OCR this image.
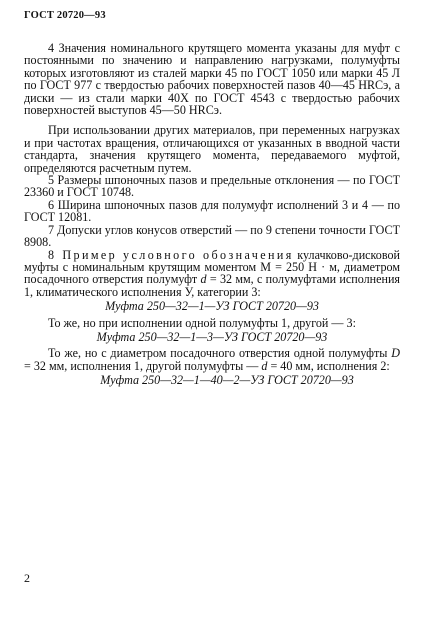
ГОСТ 20720—93

4 Значения номинального крутящего момента указаны для муфт с постоянными по значению и направлению нагрузками, полумуфты которых изготовляют из сталей марки 45 по ГОСТ 1050 или марки 45 Л по ГОСТ 977 с твердостью рабочих поверхностей пазов 40—45 HRCэ, а диски — из стали марки 40Х по ГОСТ 4543 с твердостью рабочих поверхностей выступов 45—50 HRCэ.

При использовании других материалов, при переменных нагрузках и при частотах вращения, отличающихся от указанных в вводной части стандарта, значения крутящего момента, передаваемого муфтой, определяются расчетным путем.

5 Размеры шпоночных пазов и предельные отклонения — по ГОСТ 23360 и ГОСТ 10748.

6 Ширина шпоночных пазов для полумуфт исполнений 3 и 4 — по ГОСТ 12081.

7 Допуски углов конусов отверстий — по 9 степени точности ГОСТ 8908.

8 Пример условного обозначения кулачково-дисковой муфты с номинальным крутящим моментом М = 250 Н · м, диаметром посадочного отверстия полумуфт d = 32 мм, с полумуфтами исполнения 1, климатического исполнения У, категории 3:

Муфта 250—32—1—УЗ ГОСТ 20720—93

То же, но при исполнении одной полумуфты 1, другой — 3:

Муфта 250—32—1—3—УЗ ГОСТ 20720—93

То же, но с диаметром посадочного отверстия одной полумуфты D = 32 мм, исполнения 1, другой полумуфты — d = 40 мм, исполнения 2:

Муфта 250—32—1—40—2—УЗ ГОСТ 20720—93

2
